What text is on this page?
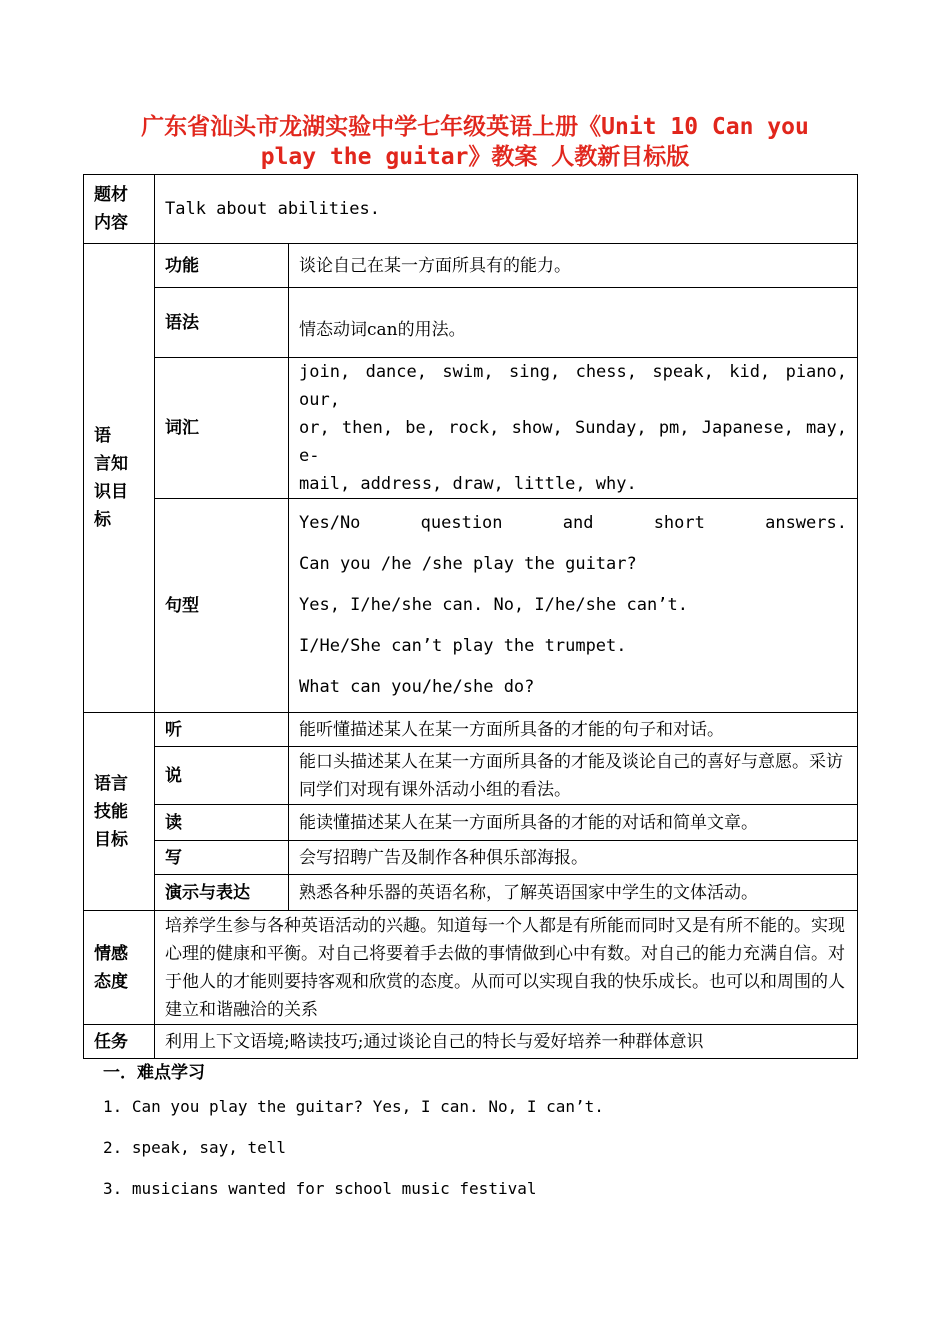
广东省汕头市龙湖实验中学七年级英语上册《Unit 10 Can you
play the guitar》教案 人教新目标版
题材内容	Talk about abilities.	
语　言知识目标	功能	谈论自己在某一方面所具有的能力。
	语法	情态动词can的用法。
	词汇	join, dance, swim, sing, chess, speak, kid, piano, our,
or, then, be, rock, show, Sunday, pm, Japanese, may, e-
mail, address, draw, little, why.

	句型	Yes/No question and short answers.
Can you /he /she play the guitar?
Yes, I/he/she can. No, I/he/she can’t.
I/He/She can’t play the trumpet.
What can you/he/she do?

语言技能目标	听	能听懂描述某人在某一方面所具备的才能的句子和对话。
	说	能口头描述某人在某一方面所具备的才能及谈论自己的喜好与意愿。采访同学们对现有课外活动小组的看法。
	读	能读懂描述某人在某一方面所具备的才能的对话和简单文章。
	写	会写招聘广告及制作各种俱乐部海报。
	演示与表达	熟悉各种乐器的英语名称，了解英语国家中学生的文体活动。
情感态度	培养学生参与各种英语活动的兴趣。知道每一个人都是有所能而同时又是有所不能的。实现心理的健康和平衡。对自己将要着手去做的事情做到心中有数。对自己的能力充满自信。对于他人的才能则要持客观和欣赏的态度。从而可以实现自我的快乐成长。也可以和周围的人建立和谐融洽的关系	
任务	利用上下文语境;略读技巧;通过谈论自己的特长与爱好培养一种群体意识	
一．难点学习
1. Can you play the guitar? Yes, I can. No, I can’t.
2. speak, say, tell
3. musicians wanted for school music festival
